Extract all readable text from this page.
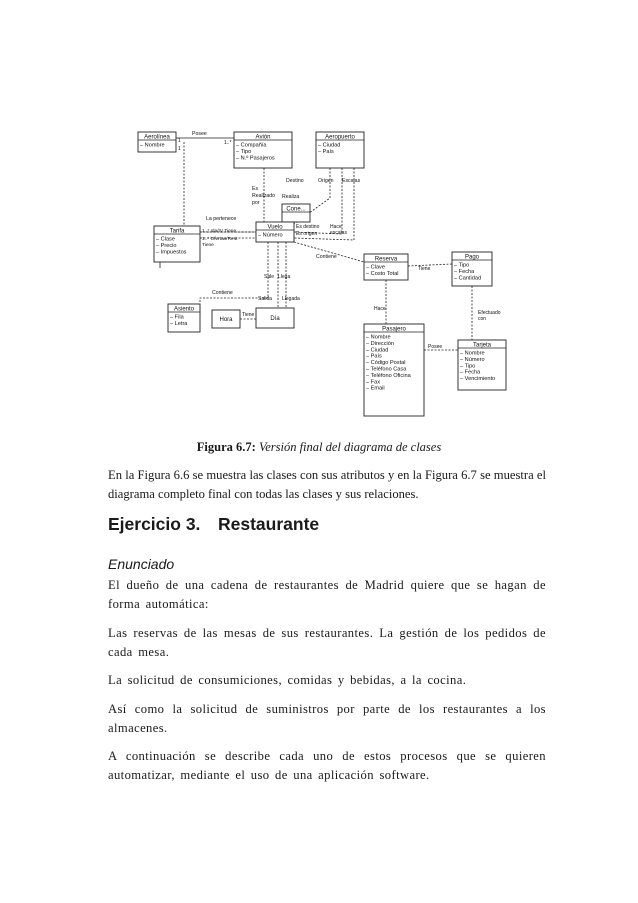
Aerolínea
– Nombre
Avión
– Compañía
– Tipo
– N.º Pasajeros
Aeropuerto
– Ciudad
– País
Cone...
Vuelo
– Número
Tarifa
– Clase
– Precio
– Impuestos
Reserva
– Clave
– Costo Total
Pago
– Tipo
– Fecha
– Cantidad
Asiento
– Fila
– Letra
Hora	Día
Pasajero
– Nombre
– Dirección
– Ciudad
– País
– Código Postal
– Teléfono Casa
– Teléfono Oficina
– Fax
– Email
Tarjeta
– Nombre
– Número
– Tipo
– Fecha
– Vencimiento
Posee
1
1
1..*
Destino	Origen Escalas
Es
Realizado
por
Realiza
La pertenece
1..* Ida/IV Tiene
1..* Ofertas/Rest
Tiene
Es destino
Es origen
Hace
escalas
Contiene
Contiene
Sale Llega
Salida Llegada
Tiene
Tiene
Hace
Posee
Efectuado
con
Figura 6.7: Versión final del diagrama de clases
En la Figura 6.6 se muestra las clases con sus atributos y en la Figura 6.7 se muestra el diagrama completo final con todas las clases y sus relaciones.
Ejercicio 3. Restaurante
Enunciado
El dueño de una cadena de restaurantes de Madrid quiere que se hagan de forma automática:
Las reservas de las mesas de sus restaurantes. La gestión de los pedidos de cada mesa.
La solicitud de consumiciones, comidas y bebidas, a la cocina.
Así como la solicitud de suministros por parte de los restaurantes a los almacenes.
A continuación se describe cada uno de estos procesos que se quieren automatizar, mediante el uso de una aplicación software.
